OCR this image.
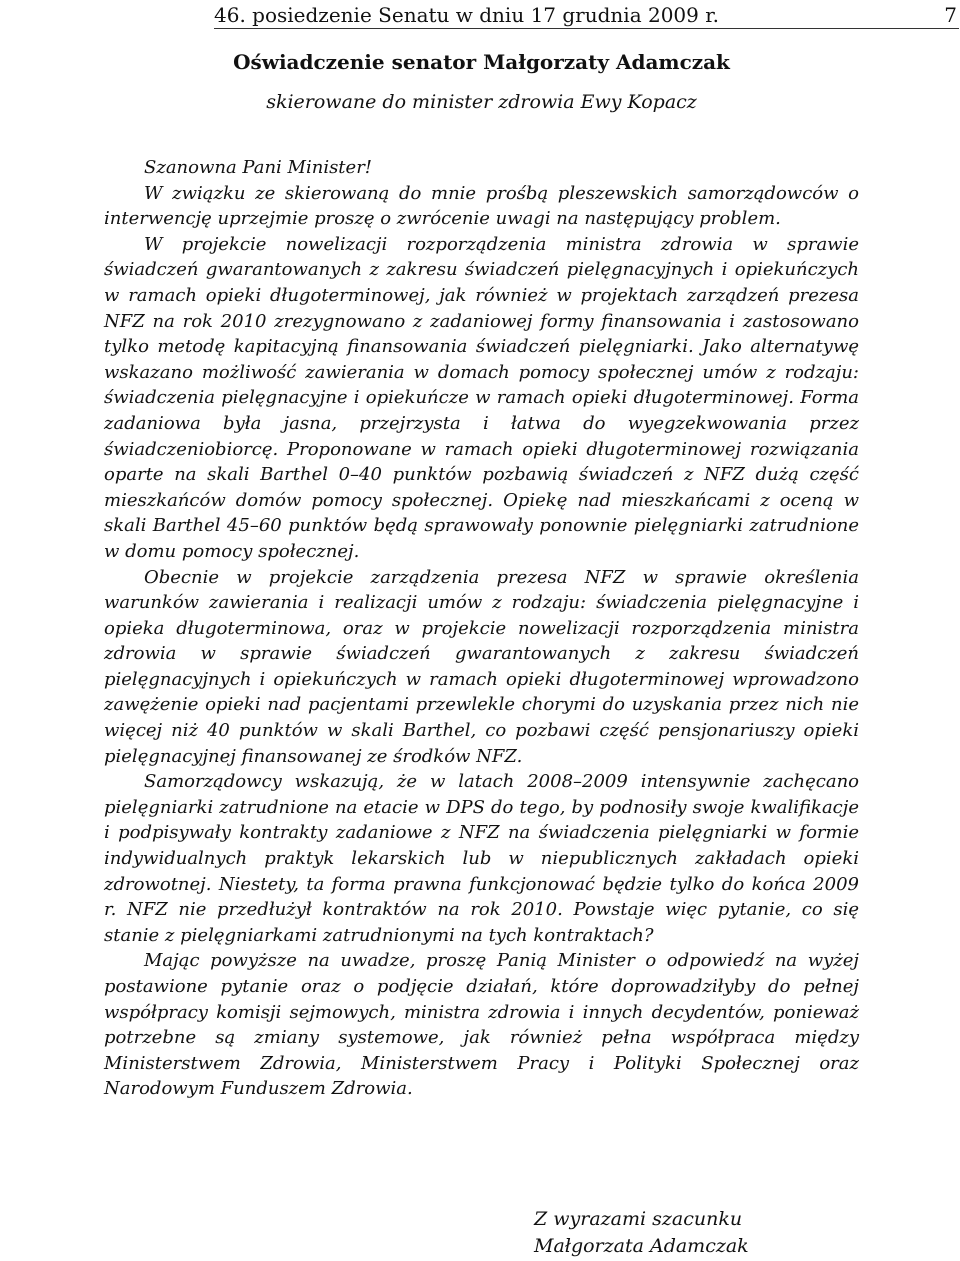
46. posiedzenie Senatu w dniu 17 grudnia 2009 r.	7
Oświadczenie senator Małgorzaty Adamczak
skierowane do minister zdrowia Ewy Kopacz

Szanowna Pani Minister!

W związku ze skierowaną do mnie prośbą pleszewskich samorządowców o interwencję uprzejmie proszę o zwrócenie uwagi na następujący problem.

W projekcie nowelizacji rozporządzenia ministra zdrowia w sprawie świadczeń gwarantowanych z zakresu świadczeń pielęgnacyjnych i opiekuńczych w ramach opieki długoterminowej, jak również w projektach zarządzeń prezesa NFZ na rok 2010 zrezygnowano z zadaniowej formy finansowania i zastosowano tylko metodę kapitacyjną finansowania świadczeń pielęgniarki. Jako alternatywę wskazano możliwość zawierania w domach pomocy społecznej umów z rodzaju: świadczenia pielęgnacyjne i opiekuńcze w ramach opieki długoterminowej. Forma zadaniowa była jasna, przejrzysta i łatwa do wyegzekwowania przez świadczeniobiorcę. Proponowane w ramach opieki długoterminowej rozwiązania oparte na skali Barthel 0–40 punktów pozbawią świadczeń z NFZ dużą część mieszkańców domów pomocy społecznej. Opiekę nad mieszkańcami z oceną w skali Barthel 45–60 punktów będą sprawowały ponownie pielęgniarki zatrudnione w domu pomocy społecznej.

Obecnie w projekcie zarządzenia prezesa NFZ w sprawie określenia warunków zawierania i realizacji umów z rodzaju: świadczenia pielęgnacyjne i opieka długoterminowa, oraz w projekcie nowelizacji rozporządzenia ministra zdrowia w sprawie świadczeń gwarantowanych z zakresu świadczeń pielęgnacyjnych i opiekuńczych w ramach opieki długoterminowej wprowadzono zawężenie opieki nad pacjentami przewlekle chorymi do uzyskania przez nich nie więcej niż 40 punktów w skali Barthel, co pozbawi część pensjonariuszy opieki pielęgnacyjnej finansowanej ze środków NFZ.

Samorządowcy wskazują, że w latach 2008–2009 intensywnie zachęcano pielęgniarki zatrudnione na etacie w DPS do tego, by podnosiły swoje kwalifikacje i podpisywały kontrakty zadaniowe z NFZ na świadczenia pielęgniarki w formie indywidualnych praktyk lekarskich lub w niepublicznych zakładach opieki zdrowotnej. Niestety, ta forma prawna funkcjonować będzie tylko do końca 2009 r. NFZ nie przedłużył kontraktów na rok 2010. Powstaje więc pytanie, co się stanie z pielęgniarkami zatrudnionymi na tych kontraktach?

Mając powyższe na uwadze, proszę Panią Minister o odpowiedź na wyżej postawione pytanie oraz o podjęcie działań, które doprowadziłyby do pełnej współpracy komisji sejmowych, ministra zdrowia i innych decydentów, ponieważ potrzebne są zmiany systemowe, jak również pełna współpraca między Ministerstwem Zdrowia, Ministerstwem Pracy i Polityki Społecznej oraz Narodowym Funduszem Zdrowia.

Z wyrazami szacunku
Małgorzata Adamczak
